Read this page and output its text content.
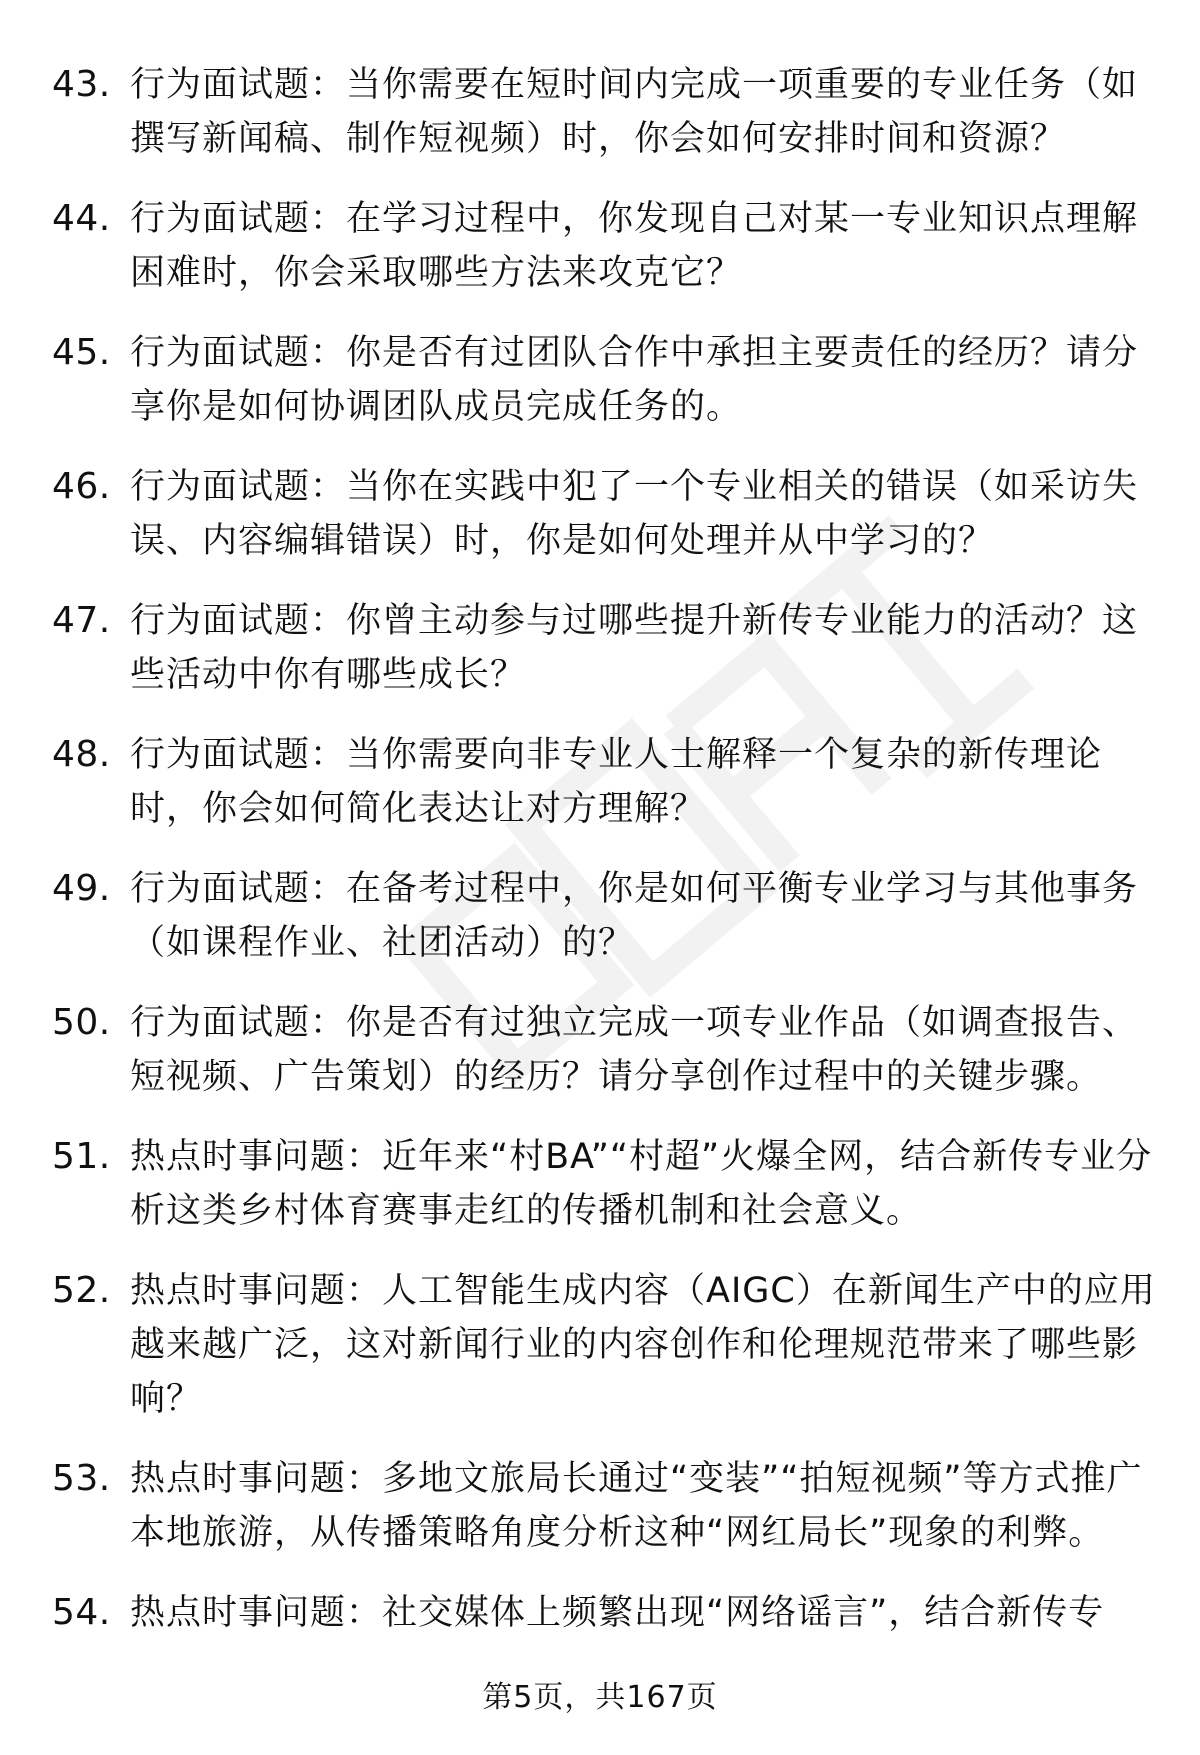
43. 行为面试题：当你需要在短时间内完成一项重要的专业任务（如撰写新闻稿、制作短视频）时，你会如何安排时间和资源？
44. 行为面试题：在学习过程中，你发现自己对某一专业知识点理解困难时，你会采取哪些方法来攻克它？
45. 行为面试题：你是否有过团队合作中承担主要责任的经历？请分享你是如何协调团队成员完成任务的。
46. 行为面试题：当你在实践中犯了一个专业相关的错误（如采访失误、内容编辑错误）时，你是如何处理并从中学习的？
47. 行为面试题：你曾主动参与过哪些提升新传专业能力的活动？这些活动中你有哪些成长？
48. 行为面试题：当你需要向非专业人士解释一个复杂的新传理论时，你会如何简化表达让对方理解？
49. 行为面试题：在备考过程中，你是如何平衡专业学习与其他事务（如课程作业、社团活动）的？
50. 行为面试题：你是否有过独立完成一项专业作品（如调查报告、短视频、广告策划）的经历？请分享创作过程中的关键步骤。
51. 热点时事问题：近年来“村BA”“村超”火爆全网，结合新传专业分析这类乡村体育赛事走红的传播机制和社会意义。
52. 热点时事问题：人工智能生成内容（AIGC）在新闻生产中的应用越来越广泛，这对新闻行业的内容创作和伦理规范带来了哪些影响？
53. 热点时事问题：多地文旅局长通过“变装”“拍短视频”等方式推广本地旅游，从传播策略角度分析这种“网红局长”现象的利弊。
54. 热点时事问题：社交媒体上频繁出现“网络谣言”，结合新传专
第5页，共167页
